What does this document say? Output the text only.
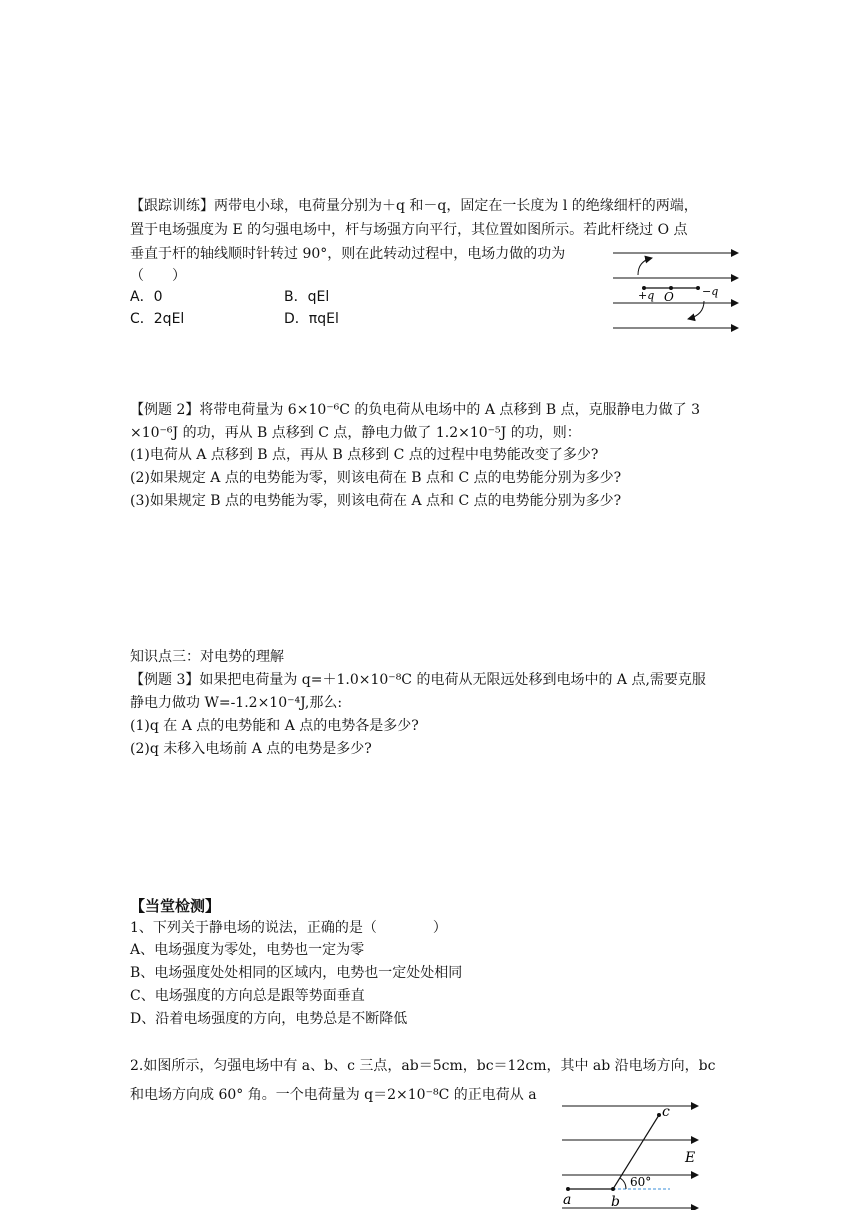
【跟踪训练】两带电小球，电荷量分别为＋q 和－q，固定在一长度为 l 的绝缘细杆的两端，
置于电场强度为 E 的匀强电场中，杆与场强方向平行，其位置如图所示。若此杆绕过 O 点
垂直于杆的轴线顺时针转过 90°，则在此转动过程中，电场力做的功为
（　　）
A．0	B．qEl
C．2qEl	D．πqEl
+q O	−q
【例题 2】将带电荷量为 6×10⁻⁶C 的负电荷从电场中的 A 点移到 B 点，克服静电力做了 3
×10⁻⁶J 的功，再从 B 点移到 C 点，静电力做了 1.2×10⁻⁵J 的功，则：
(1)电荷从 A 点移到 B 点，再从 B 点移到 C 点的过程中电势能改变了多少?
(2)如果规定 A 点的电势能为零，则该电荷在 B 点和 C 点的电势能分别为多少?
(3)如果规定 B 点的电势能为零，则该电荷在 A 点和 C 点的电势能分别为多少?
知识点三：对电势的理解
【例题 3】如果把电荷量为 q=＋1.0×10⁻⁸C 的电荷从无限远处移到电场中的 A 点,需要克服
静电力做功 W=-1.2×10⁻⁴J,那么:
(1)q 在 A 点的电势能和 A 点的电势各是多少?
(2)q 未移入电场前 A 点的电势是多少?
【当堂检测】
1、下列关于静电场的说法，正确的是（　　　　）
A、电场强度为零处，电势也一定为零
B、电场强度处处相同的区域内，电势也一定处处相同
C、电场强度的方向总是跟等势面垂直
D、沿着电场强度的方向，电势总是不断降低
2.如图所示，匀强电场中有 a、b、c 三点，ab＝5cm，bc＝12cm，其中 ab 沿电场方向，bc
和电场方向成 60° 角。一个电荷量为 q＝2×10⁻⁸C 的正电荷从 a
c
E
60°
a	b
